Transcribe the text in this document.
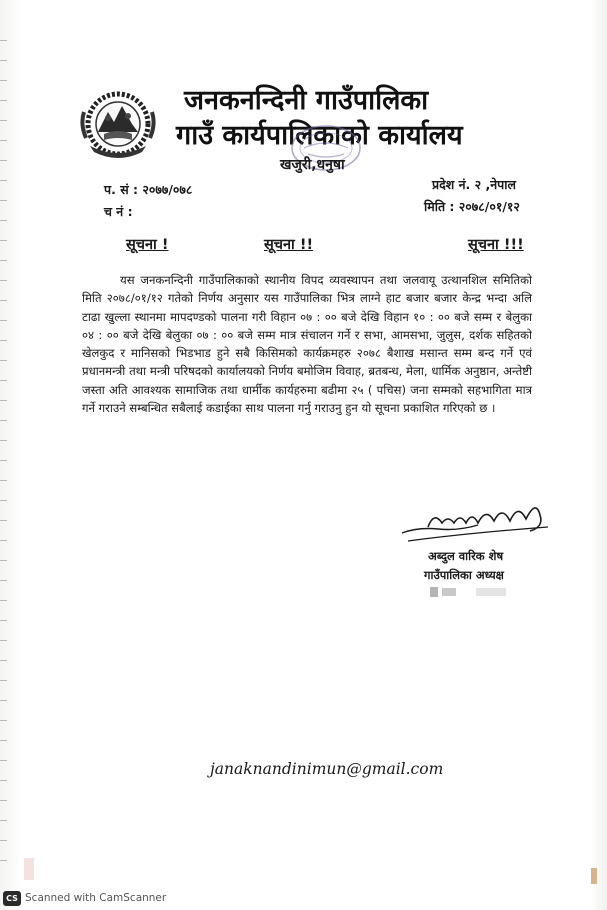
जनकनन्दिनी गाउँपालिका
गाउँ कार्यपालिकाको कार्यालय
खजुरी,धनुषा
प. सं : २०७७/०७८
च नं :
प्रदेश नं. २ ,नेपाल
मिति : २०७८/०१/१२
सूचना !	सूचना !!	सूचना !!!
यस जनकनन्दिनी गाउँपालिकाको स्थानीय विपद व्यवस्थापन तथा जलवायू उत्थानशिल समितिको मिति २०७८/०१/१२ गतेको निर्णय अनुसार यस गाउँपालिका भित्र लाग्ने हाट बजार बजार केन्द्र भन्दा अलि टाढा खुल्ला स्थानमा मापदण्डको पालना गरी विहान ०७ : ०० बजे देखि विहान १० : ०० बजे सम्म र बेलुका ०४ : ०० बजे देखि बेलुका ०७ : ०० बजे सम्म मात्र संचालन गर्ने र सभा, आमसभा, जुलुस, दर्शक सहितको खेलकुद र मानिसको भिडभाड हुने सबै किसिमको कार्यक्रमहरु २०७८ बैशाख मसान्त सम्म बन्द गर्ने एवं प्रधानमन्त्री तथा मन्त्री परिषदको कार्यालयको निर्णय बमोजिम विवाह, ब्रतबन्ध, मेला, धार्मिक अनुष्ठान, अन्तेष्टी जस्ता अति आवश्यक सामाजिक तथा धार्मीक कार्यहरुमा बढीमा २५ ( पचिस) जना सम्मको सहभागिता मात्र गर्ने गराउने सम्बन्धित सबैलाई कडाईका साथ पालना गर्नु गराउनु हुन यो सूचना प्रकाशित गरिएको छ ।
अब्दुल वारिक शेष
गाउँपालिका अध्यक्ष
janaknandinimun@gmail.com
CS Scanned with CamScanner
